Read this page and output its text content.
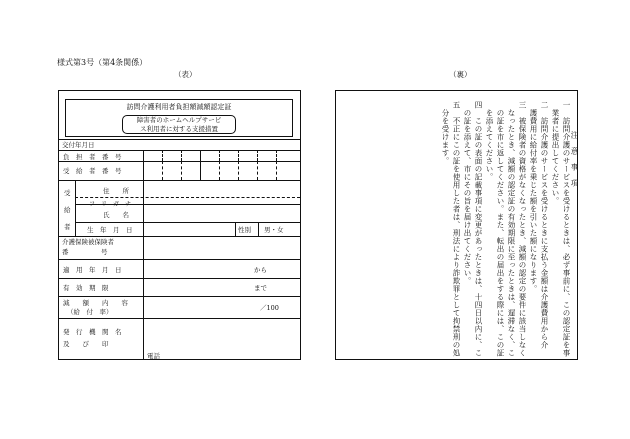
様式第3号（第4条関係）
（表）	（裏）
訪問介護利用者負担額減額認定証
障害者のホームヘルプサービ
ス利用者に対する支援措置
交付年月日
負　担　者　番　号
受　給　者　番　号
受
給
者
住　　所
フ　リ　ガ　ナ
氏　　名
生　年　月　日	性別 男・女
介護保険被保険者
番　　　　　号
適　用　年　月　日	から
有　効　期　限	まで
減　　額　　内　　容
（給　付　率）	／100
発　行　機　関　名
及　　び　　印
電話	一　訪問介護のサービスを受けるときは、必ず事前に、この認定証を事
　業者に提出してください。
二　訪問介護のサービスを受けるときに支払う金額は介護費用から介
　護費用に給付率を乗じた額を引いた額になります。
三　被保険者の資格がなくなったとき、減額の認定の要件に該当しなく
　なったとき、減額の認定証の有効期限に至ったときは、遅滞なく、こ
　の証を市に返してください。また、転出の届出をする際には、この証
　を添えてください。
四　この証の表面の記載事項に変更があったときは、十四日以内に、こ
　の証を添えて、市にその旨を届け出てください。
五　不正にこの証を使用した者は、刑法により詐欺罪として拘禁刑の処
　分を受けます。	注　意　事　項
